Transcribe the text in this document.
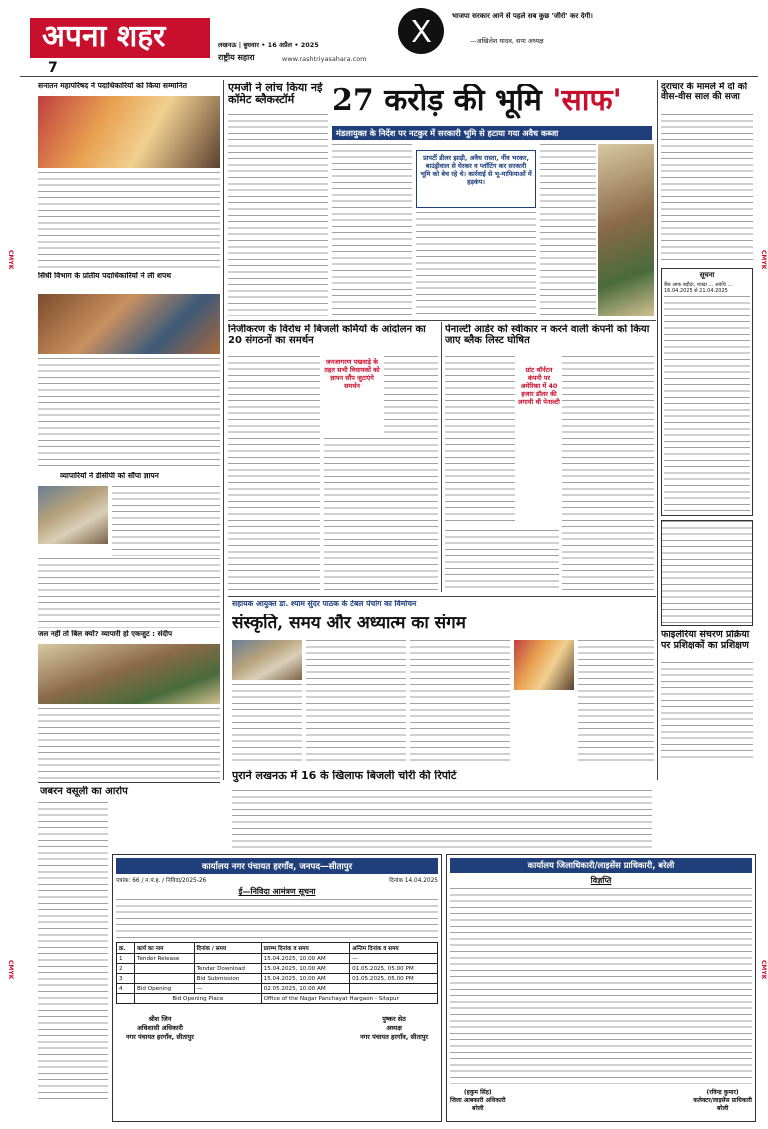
अपना शहर
7
लखनऊ | बुधवार • 16 अप्रैल • 2025
राष्ट्रीय सहारा	www.rashtriyasahara.com
भाजपा सरकार आने से पहले सब कुछ 'जीरो' कर देगी।
—अखिलेश यादव, सपा अध्यक्ष
CMYK
CMYK
CMYK
CMYK
सनातन महापरिषद ने पदाधिकारियों को किया सम्मानित
सिंधी विभाग के प्रांतीय पदाधिकारियों ने ली शपथ
व्यापारियों ने डीसीपी को सौंपा ज्ञापन
जल नहीं तो बिल क्यों? व्यापारी हो एकजुट : संदीप
जबरन वसूली का आरोप
एमजी ने लांच किया नई कॉमेट ब्लैकस्टॉर्म	27 करोड़ की भूमि 'साफ'
मंडलायुक्त के निर्देश पर नटकुर में सरकारी भूमि से हटाया गया अवैध कब्जा
प्रापर्टी डीलर झाड़ी, अवैध रास्ता, नींव भरकर, बाउंड्रीवाल से घेरकर व प्लॉटिंग कर सरकारी भूमि को बेच रहे थे। कार्रवाई से भू-माफियाओं में हड़कंप।
दुराचार के मामले में दो को वीस-वीस साल की सजा
सूचना
बैंक आफ बड़ौदा, शाखा ... अवधि ... 16.04.2025 से 21.04.2025
निजीकरण के विरोध में बिजली कर्मियों के आंदोलन का 20 संगठनों का समर्थन
जनजागरण पखवाड़े के तहत सभी विधायकों को ज्ञापन सौंप जुटाएंगे समर्थन
पेनाल्टी आर्डर को स्वीकार न करने वाली कंपनी को किया जाए ब्लैक लिस्ट घोषित
ग्रांट थॉर्नटन कंपनी पर अमेरिका में 40 हजार डॉलर की लगायी थी पेनाल्टी
फाइलेरिया संचरण प्रक्रिया पर प्रशिक्षकों का प्रशिक्षण
सहायक आयुक्त डा. श्याम सुंदर पाठक के टेबल पंचांग का विमोचन
संस्कृति, समय और अध्यात्म का संगम
पुराने लखनऊ में 16 के खिलाफ बिजली चोरी की रिपोर्ट
कार्यालय जिलाधिकारी/लाइसेंस प्राधिकारी, बरेली
विज्ञप्ति
(हकुम सिंह)
जिला आबकारी अधिकारी
बरेली
(रविन्द्र कुमार)
कलेक्टर/लाइसेंस प्राधिकारी
बरेली
कार्यालय नगर पंचायत हरगाँव, जनपद—सीतापुर
पत्रांक: 66 / न.पं.ह. / निविदा/2025-26	दिनांक 14.04.2025
ई—निविदा आमंत्रण सूचना
क्र.	कार्य का नाम	दिनांक / समय	प्रारम्भ दिनांक व समय	अन्तिम दिनांक व समय
1	Tender Release		15.04.2025, 10.00 AM	—
2		Tender Download	15.04.2025, 10.00 AM	01.05.2025, 05.00 PM
3		Bid Submission	15.04.2025, 10.00 AM	01.05.2025, 05.00 PM
4	Bid Opening	—	02.05.2025, 10.00 AM	
	Bid Opening Place		Office of the Nagar Panchayat Hargaon - Sitapur	
श्रीश जिन
अधिशासी अधिकारी
नगर पंचायत हरगाँव, सीतापुर
पुष्कर सेठ
अध्यक्ष
नगर पंचायत हरगाँव, सीतापुर
